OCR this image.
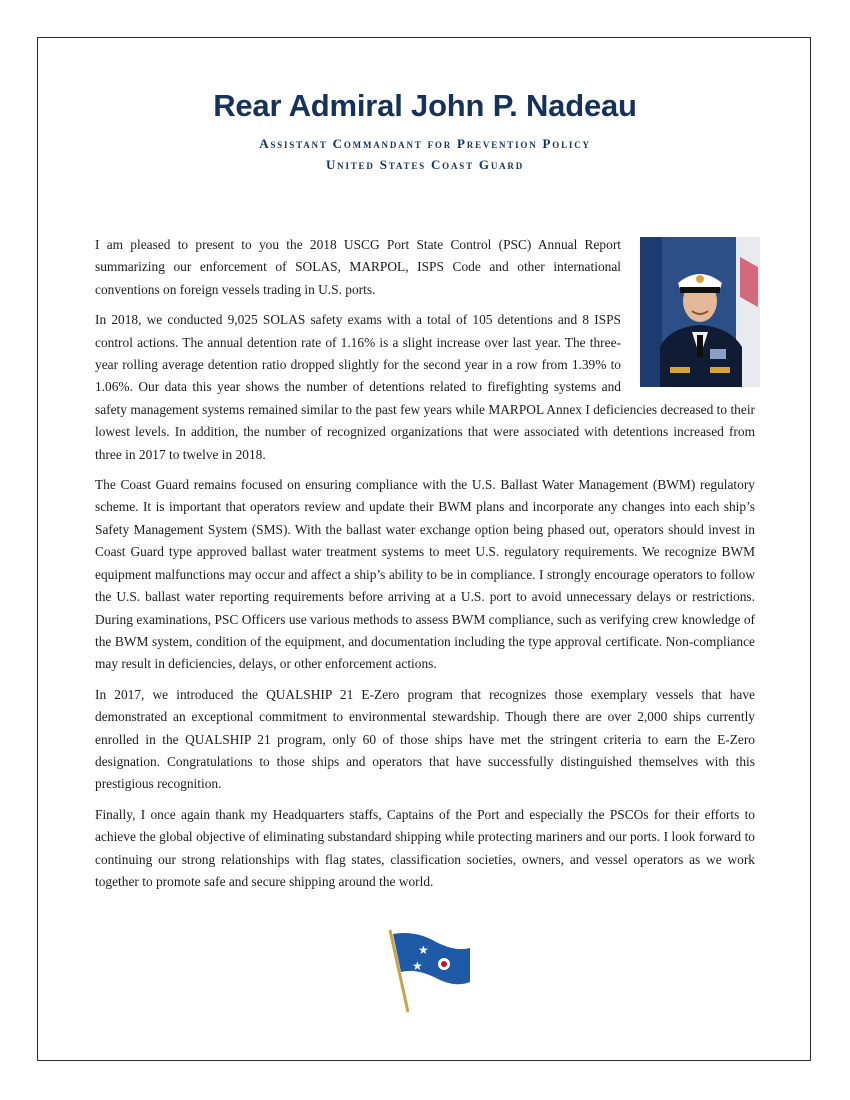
Rear Admiral John P. Nadeau
Assistant Commandant for Prevention Policy
United States Coast Guard

I am pleased to present to you the 2018 USCG Port State Control (PSC) Annual Report summarizing our enforcement of SOLAS, MARPOL, ISPS Code and other international conventions on foreign vessels trading in U.S. ports.

In 2018, we conducted 9,025 SOLAS safety exams with a total of 105 detentions and 8 ISPS control actions. The annual detention rate of 1.16% is a slight increase over last year. The three-year rolling average detention ratio dropped slightly for the second year in a row from 1.39% to 1.06%. Our data this year shows the number of detentions related to firefighting systems and safety management systems remained similar to the past few years while MARPOL Annex I deficiencies decreased to their lowest levels. In addition, the number of recognized organizations that were associated with detentions increased from three in 2017 to twelve in 2018.

The Coast Guard remains focused on ensuring compliance with the U.S. Ballast Water Management (BWM) regulatory scheme. It is important that operators review and update their BWM plans and incorporate any changes into each ship’s Safety Management System (SMS). With the ballast water exchange option being phased out, operators should invest in Coast Guard type approved ballast water treatment systems to meet U.S. regulatory requirements. We recognize BWM equipment malfunctions may occur and affect a ship’s ability to be in compliance. I strongly encourage operators to follow the U.S. ballast water reporting requirements before arriving at a U.S. port to avoid unnecessary delays or restrictions. During examinations, PSC Officers use various methods to assess BWM compliance, such as verifying crew knowledge of the BWM system, condition of the equipment, and documentation including the type approval certificate. Non-compliance may result in deficiencies, delays, or other enforcement actions.

In 2017, we introduced the QUALSHIP 21 E-Zero program that recognizes those exemplary vessels that have demonstrated an exceptional commitment to environmental stewardship. Though there are over 2,000 ships currently enrolled in the QUALSHIP 21 program, only 60 of those ships have met the stringent criteria to earn the E-Zero designation. Congratulations to those ships and operators that have successfully distinguished themselves with this prestigious recognition.

Finally, I once again thank my Headquarters staffs, Captains of the Port and especially the PSCOs for their efforts to achieve the global objective of eliminating substandard shipping while protecting mariners and our ports. I look forward to continuing our strong relationships with flag states, classification societies, owners, and vessel operators as we work together to promote safe and secure shipping around the world.

★
★
